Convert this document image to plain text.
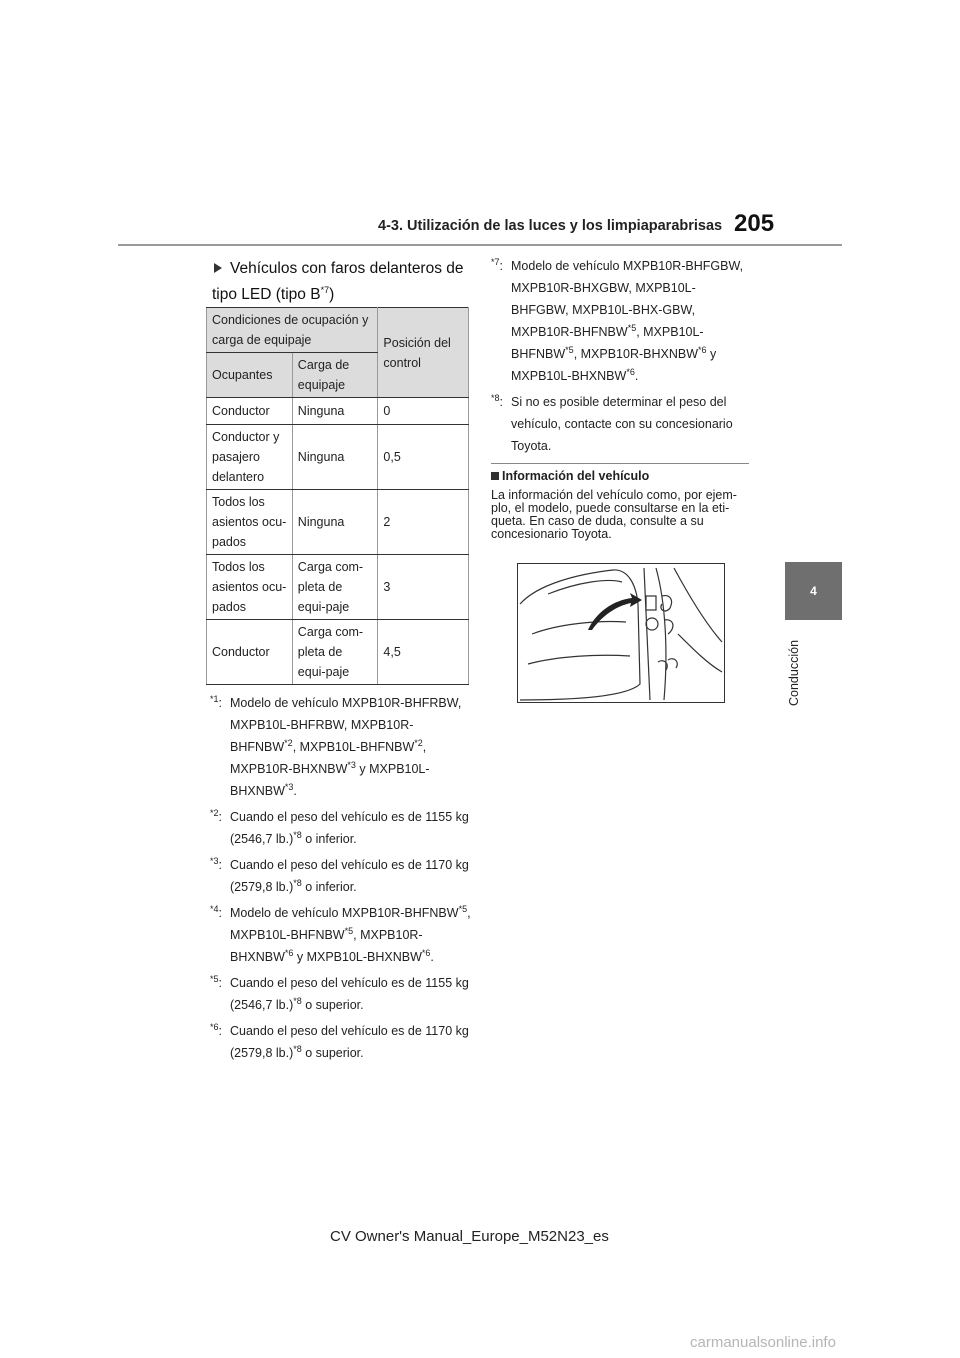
4-3. Utilización de las luces y los limpiaparabrisas 205
4
Conducción
Vehículos con faros delanteros de tipo LED (tipo $B^{*7}$)
Condiciones de ocupación y carga de equipaje		Posición del control
Ocupantes	Carga de equipaje	
Conductor	Ninguna	0
Conductor y pasajero delantero	Ninguna	0,5
Todos los asientos ocu-pados	Ninguna	2
Todos los asientos ocu-pados	Carga com-pleta de equi-paje	3
Conductor	Carga com-pleta de equi-paje	4,5
$^{*1}$: Modelo de vehículo MXPB10R-BHFRBW, MXPB10L-BHFRBW, MXPB10R-BHFNBW$^{*2}$, MXPB10L-BHFNBW$^{*2}$, MXPB10R-BHXNBW$^{*3}$ y MXPB10L-BHXNBW$^{*3}$.
$^{*2}$: Cuando el peso del vehículo es de 1155 kg (2546,7 lb.)$^{*8}$ o inferior.
$^{*3}$: Cuando el peso del vehículo es de 1170 kg (2579,8 lb.)$^{*8}$ o inferior.
$^{*4}$: Modelo de vehículo MXPB10R-BHFNBW$^{*5}$, MXPB10L-BHFNBW$^{*5}$, MXPB10R-BHXNBW$^{*6}$ y MXPB10L-BHXNBW$^{*6}$.
$^{*5}$: Cuando el peso del vehículo es de 1155 kg (2546,7 lb.)$^{*8}$ o superior.
$^{*6}$: Cuando el peso del vehículo es de 1170 kg (2579,8 lb.)$^{*8}$ o superior.
$^{*7}$: Modelo de vehículo MXPB10R-BHFGBW, MXPB10R-BHXGBW, MXPB10L-BHFGBW, MXPB10L-BHX-GBW, MXPB10R-BHFNBW$^{*5}$, MXPB10L-BHFNBW$^{*5}$, MXPB10R-BHXNBW$^{*6}$ y MXPB10L-BHXNBW$^{*6}$.
$^{*8}$: Si no es posible determinar el peso del vehículo, contacte con su concesionario Toyota.
Información del vehículo
La información del vehículo como, por ejem-plo, el modelo, puede consultarse en la eti-queta. En caso de duda, consulte a su concesionario Toyota.
CV Owner's Manual_Europe_M52N23_es
carmanualsonline.info
